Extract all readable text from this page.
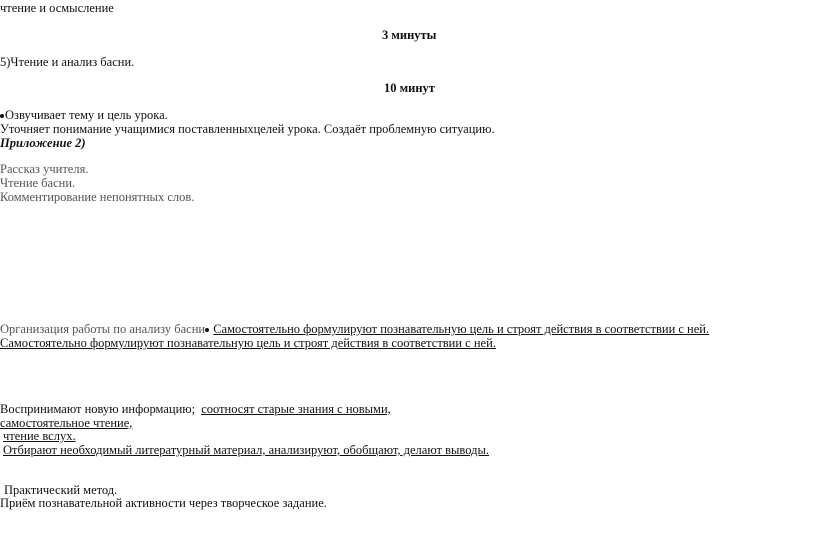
чтение и осмысление
3 минуты
5)Чтение и анализ басни.
10 минут
Озвучивает тему и цель урока.
Уточняет понимание учащимися поставленныхцелей урока. Создаёт проблемную ситуацию.
Приложение 2)
Рассказ учителя.
Чтение басни.
Комментирование непонятных слов.
Организация работы по анализу басни Самостоятельно формулируют познавательную цель и строят действия в соответствии с ней.
Самостоятельно формулируют познавательную цель и строят действия в соответствии с ней.
Воспринимают новую информацию; соотносят старые знания с новыми,
самостоятельное чтение,
чтение вслух.
Отбирают необходимый литературный материал, анализируют, обобщают, делают выводы.
Практический метод.
Приём познавательной активности через творческое задание.
